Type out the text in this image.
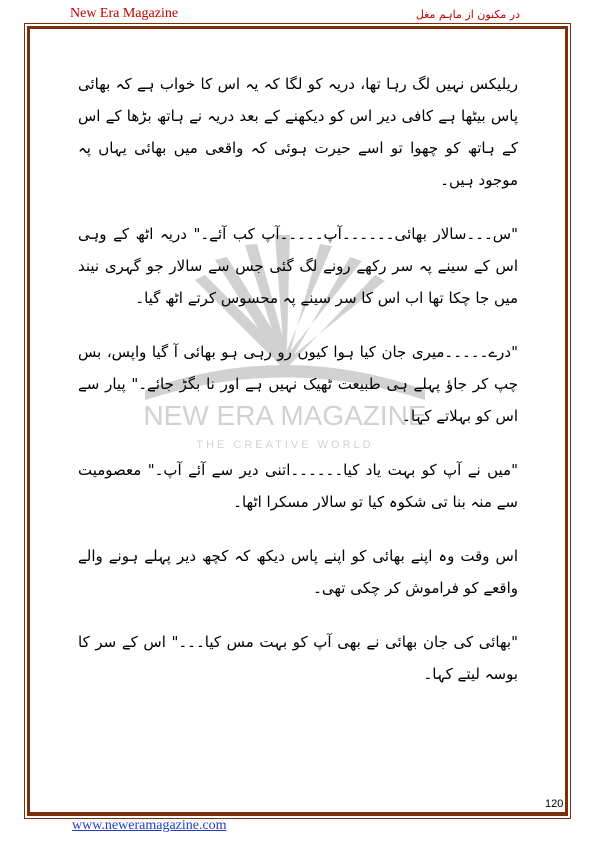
New Era Magazine	در مکنون از ماہم مغل
NEW ERA MAGAZINE
THE CREATIVE WORLD

ریلیکس نہیں لگ رہا تھا، دریہ کو لگا کہ یہ اس کا خواب ہے کہ بھائی پاس بیٹھا ہے کافی دیر اس کو دیکھنے کے بعد دریہ نے ہاتھ بڑھا کے اس کے ہاتھ کو چھوا تو اسے حیرت ہوئی کہ واقعی میں بھائی یہاں پہ موجود ہیں۔

"س۔۔۔سالار بھائی۔۔۔۔۔۔آپ۔۔۔۔۔آپ کب آئے۔" دریہ اٹھ کے وہی اس کے سینے پہ سر رکھے رونے لگ گئی جس سے سالار جو گہری نیند میں جا چکا تھا اب اس کا سر سینے پہ محسوس کرتے اٹھ گیا۔

"درے۔۔۔۔۔میری جان کیا ہوا کیوں رو رہی ہو بھائی آ گیا واپس، بس چپ کر جاؤ پہلے ہی طبیعت ٹھیک نہیں ہے اور نا بگڑ جائے۔" پیار سے اس کو بہلاتے کہا۔

"میں نے آپ کو بہت یاد کیا۔۔۔۔۔۔اتنی دیر سے آئے آپ۔" معصومیت سے منہ بنا تی شکوہ کیا تو سالار مسکرا اٹھا۔

اس وقت وہ اپنے بھائی کو اپنے پاس دیکھ کہ کچھ دیر پہلے ہونے والے واقعے کو فراموش کر چکی تھی۔

"بھائی کی جان بھائی نے بھی آپ کو بہت مس کیا۔۔۔" اس کے سر کا بوسہ لیتے کہا۔

120
www.neweramagazine.com
